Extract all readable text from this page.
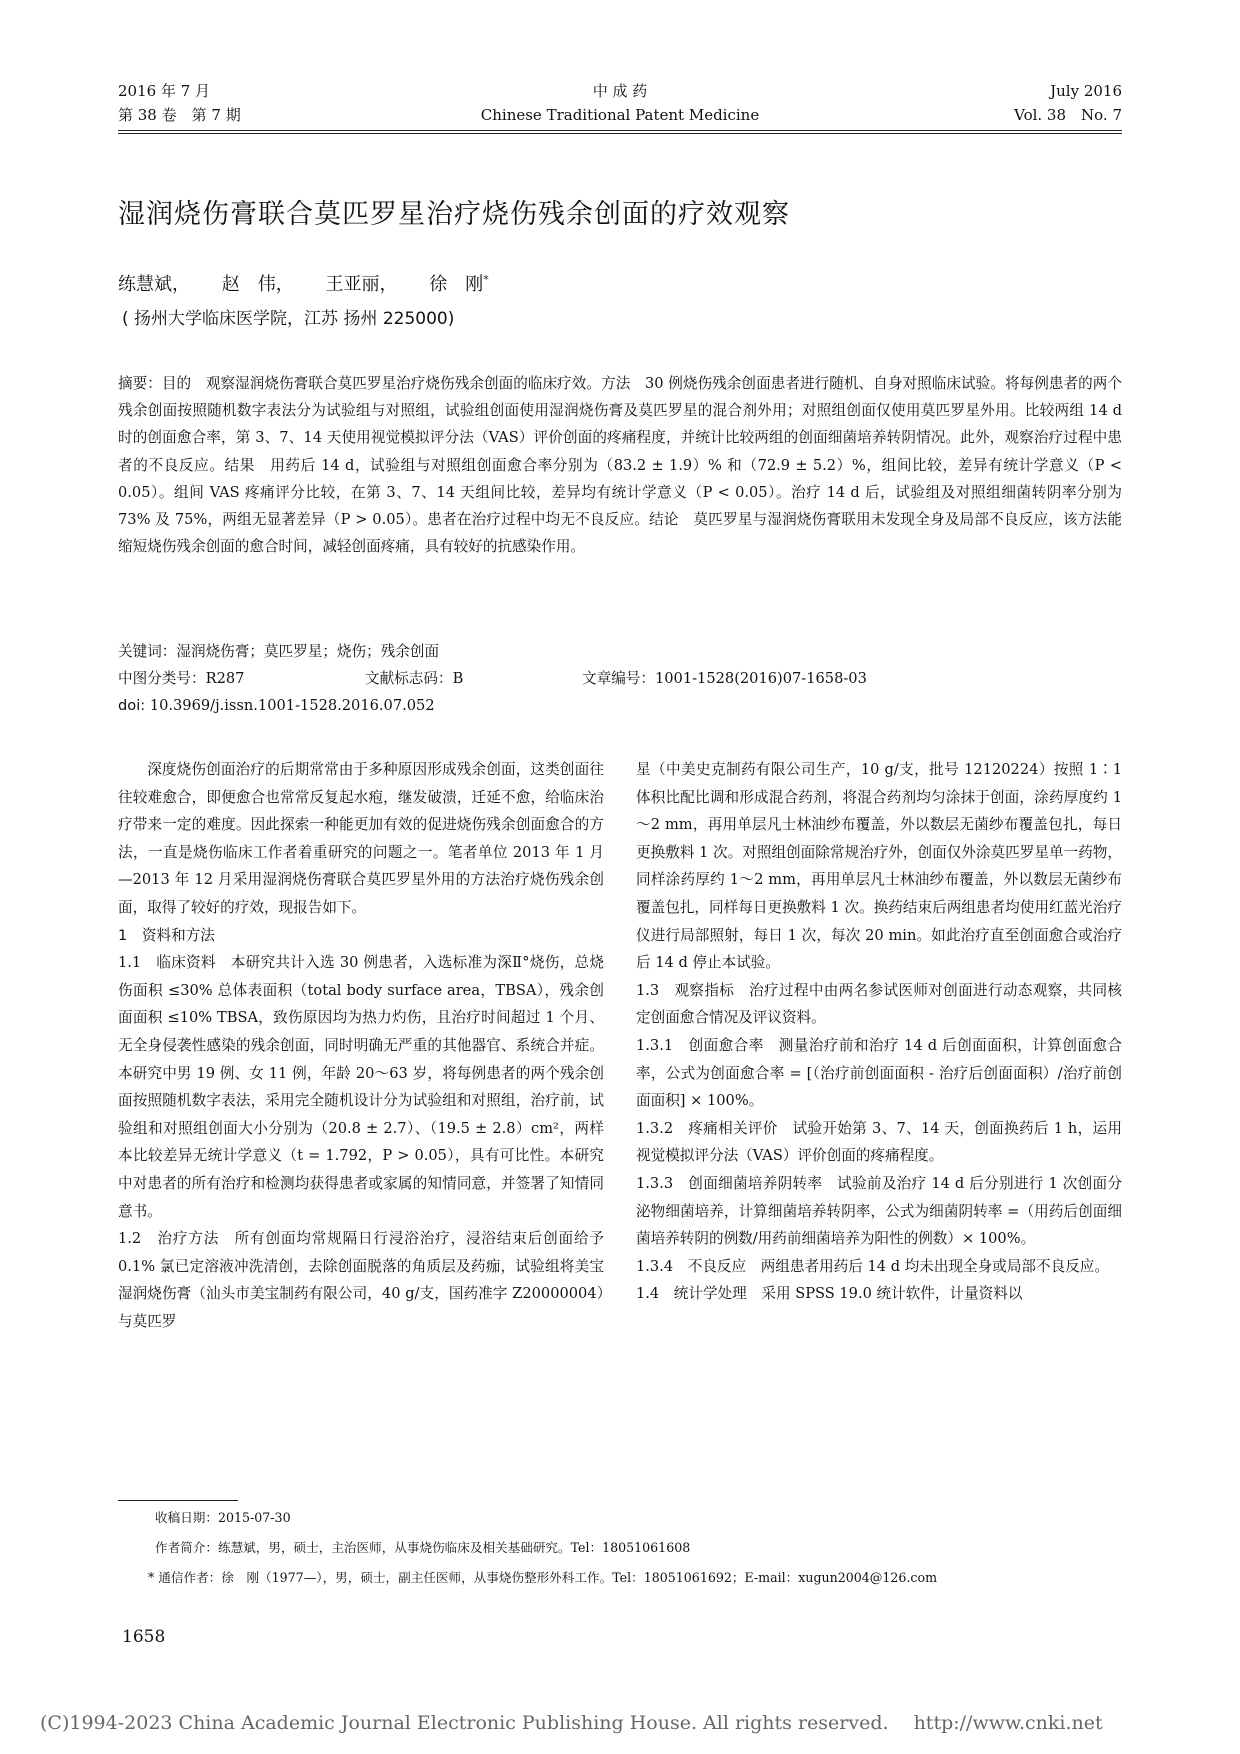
2016 年 7 月
第 38 卷　第 7 期
中 成 药
Chinese Traditional Patent Medicine
July 2016
Vol. 38　No. 7
湿润烧伤膏联合莫匹罗星治疗烧伤残余创面的疗效观察
练慧斌， 赵　伟， 王亚丽， 徐　刚*
( 扬州大学临床医学院，江苏 扬州 225000)
摘要：目的　观察湿润烧伤膏联合莫匹罗星治疗烧伤残余创面的临床疗效。方法　30 例烧伤残余创面患者进行随机、自身对照临床试验。将每例患者的两个残余创面按照随机数字表法分为试验组与对照组，试验组创面使用湿润烧伤膏及莫匹罗星的混合剂外用；对照组创面仅使用莫匹罗星外用。比较两组 14 d 时的创面愈合率，第 3、7、14 天使用视觉模拟评分法（VAS）评价创面的疼痛程度，并统计比较两组的创面细菌培养转阴情况。此外，观察治疗过程中患者的不良反应。结果　用药后 14 d，试验组与对照组创面愈合率分别为（83.2 ± 1.9）% 和（72.9 ± 5.2）%，组间比较，差异有统计学意义（P < 0.05）。组间 VAS 疼痛评分比较，在第 3、7、14 天组间比较，差异均有统计学意义（P < 0.05）。治疗 14 d 后，试验组及对照组细菌转阴率分别为 73% 及 75%，两组无显著差异（P > 0.05）。患者在治疗过程中均无不良反应。结论　莫匹罗星与湿润烧伤膏联用未发现全身及局部不良反应，该方法能缩短烧伤残余创面的愈合时间，减轻创面疼痛，具有较好的抗感染作用。
关键词：湿润烧伤膏；莫匹罗星；烧伤；残余创面
中图分类号：R287	文献标志码：B	文章编号：1001-1528(2016)07-1658-03
doi: 10.3969/j.issn.1001-1528.2016.07.052

深度烧伤创面治疗的后期常常由于多种原因形成残余创面，这类创面往往较难愈合，即便愈合也常常反复起水疱，继发破溃，迁延不愈，给临床治疗带来一定的难度。因此探索一种能更加有效的促进烧伤残余创面愈合的方法，一直是烧伤临床工作者着重研究的问题之一。笔者单位 2013 年 1 月—2013 年 12 月采用湿润烧伤膏联合莫匹罗星外用的方法治疗烧伤残余创面，取得了较好的疗效，现报告如下。

1　资料和方法

1.1　临床资料　本研究共计入选 30 例患者，入选标准为深Ⅱ°烧伤，总烧伤面积 ≤30% 总体表面积（total body surface area，TBSA），残余创面面积 ≤10% TBSA，致伤原因均为热力灼伤，且治疗时间超过 1 个月、无全身侵袭性感染的残余创面，同时明确无严重的其他器官、系统合并症。本研究中男 19 例、女 11 例，年龄 20～63 岁，将每例患者的两个残余创面按照随机数字表法，采用完全随机设计分为试验组和对照组，治疗前，试验组和对照组创面大小分别为（20.8 ± 2.7）、（19.5 ± 2.8）cm²，两样本比较差异无统计学意义（t = 1.792，P > 0.05），具有可比性。本研究中对患者的所有治疗和检测均获得患者或家属的知情同意，并签署了知情同意书。

1.2　治疗方法　所有创面均常规隔日行浸浴治疗，浸浴结束后创面给予 0.1% 氯已定溶液冲洗清创，去除创面脱落的角质层及药痂，试验组将美宝湿润烧伤膏（汕头市美宝制药有限公司，40 g/支，国药准字 Z20000004）与莫匹罗

星（中美史克制药有限公司生产，10 g/支，批号 12120224）按照 1∶1 体积比配比调和形成混合药剂，将混合药剂均匀涂抹于创面，涂药厚度约 1～2 mm，再用单层凡士林油纱布覆盖，外以数层无菌纱布覆盖包扎，每日更换敷料 1 次。对照组创面除常规治疗外，创面仅外涂莫匹罗星单一药物，同样涂药厚约 1～2 mm，再用单层凡士林油纱布覆盖，外以数层无菌纱布覆盖包扎，同样每日更换敷料 1 次。换药结束后两组患者均使用红蓝光治疗仪进行局部照射，每日 1 次，每次 20 min。如此治疗直至创面愈合或治疗后 14 d 停止本试验。

1.3　观察指标　治疗过程中由两名参试医师对创面进行动态观察，共同核定创面愈合情况及评议资料。

1.3.1　创面愈合率　测量治疗前和治疗 14 d 后创面面积，计算创面愈合率，公式为创面愈合率 = [（治疗前创面面积 - 治疗后创面面积）/治疗前创面面积] × 100%。

1.3.2　疼痛相关评价　试验开始第 3、7、14 天，创面换药后 1 h，运用视觉模拟评分法（VAS）评价创面的疼痛程度。

1.3.3　创面细菌培养阴转率　试验前及治疗 14 d 后分别进行 1 次创面分泌物细菌培养，计算细菌培养转阴率，公式为细菌阴转率 =（用药后创面细菌培养转阴的例数/用药前细菌培养为阳性的例数）× 100%。

1.3.4　不良反应　两组患者用药后 14 d 均未出现全身或局部不良反应。

1.4　统计学处理　采用 SPSS 19.0 统计软件，计量资料以

收稿日期：2015-07-30
作者简介：练慧斌，男，硕士，主治医师，从事烧伤临床及相关基础研究。Tel：18051061608
* 通信作者：徐　刚（1977—），男，硕士，副主任医师，从事烧伤整形外科工作。Tel：18051061692；E-mail：xugun2004@126.com
1658
(C)1994-2023 China Academic Journal Electronic Publishing House. All rights reserved.　 http://www.cnki.net
